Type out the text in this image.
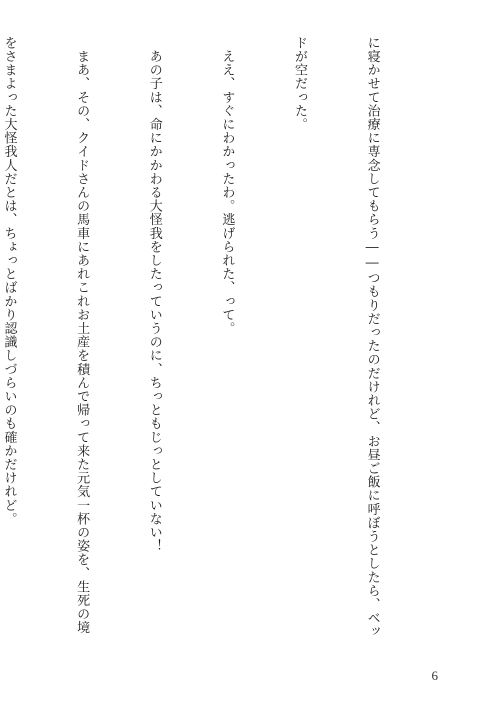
に寝かせて治療に専念してもらう――つもりだったのだけれど、お昼ご飯に呼ぼうとしたら、ベッ

ドが空だった。

　ええ、すぐにわかったわ。逃げられた、って。

　あの子は、命にかかわる大怪我をしたっていうのに、ちっともじっとしていない！

　まあ、その、クイドさんの馬車にあれこれお土産を積んで帰って来た元気一杯の姿を、生死の境

をさまよった大怪我人だとは、ちょっとばかり認識しづらいのも確かだけれど。

6
